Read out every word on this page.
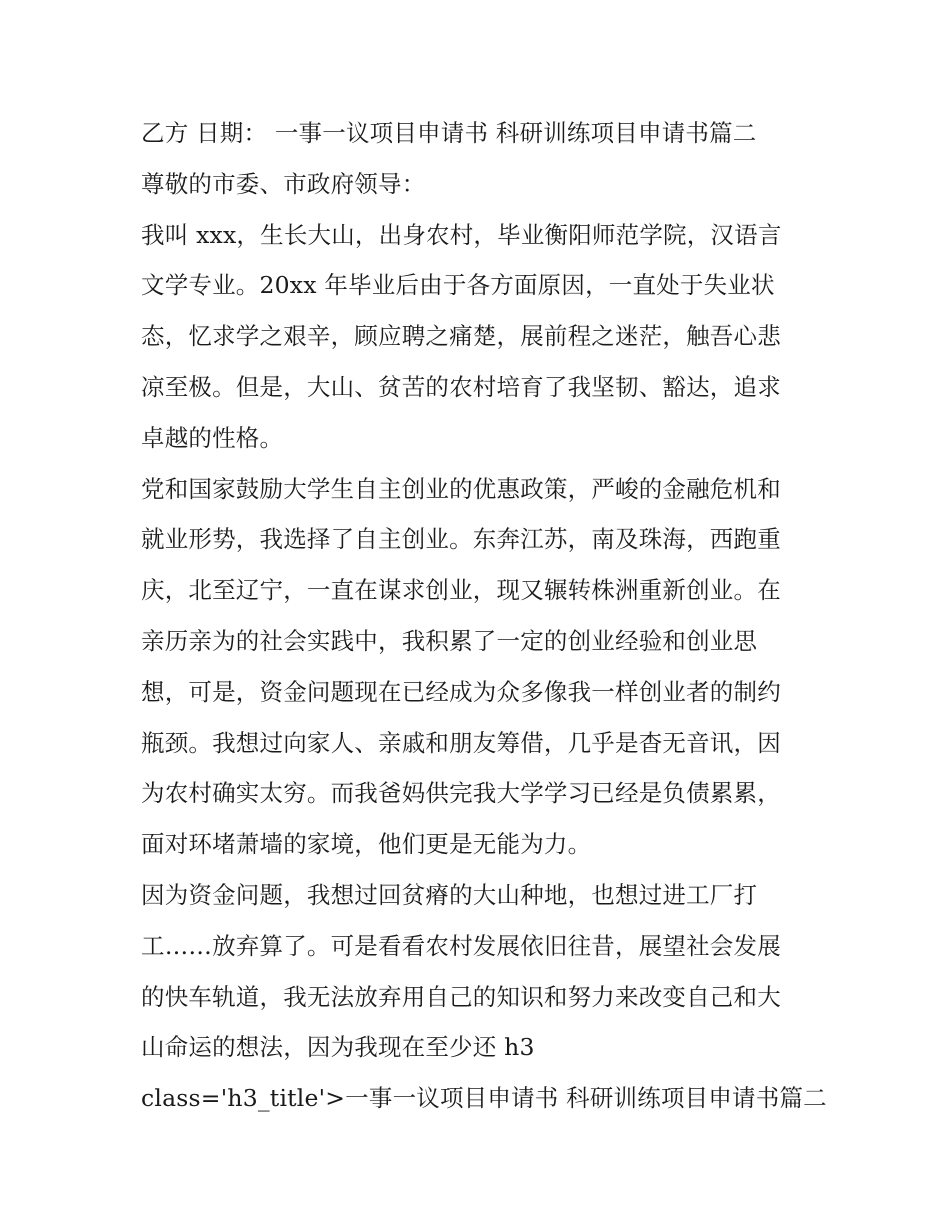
乙方 日期： 一事一议项目申请书 科研训练项目申请书篇二
尊敬的市委、市政府领导：
我叫 xxx，生长大山，出身农村，毕业衡阳师范学院，汉语言
文学专业。20xx 年毕业后由于各方面原因，一直处于失业状
态，忆求学之艰辛，顾应聘之痛楚，展前程之迷茫，触吾心悲
凉至极。但是，大山、贫苦的农村培育了我坚韧、豁达，追求
卓越的性格。
党和国家鼓励大学生自主创业的优惠政策，严峻的金融危机和
就业形势，我选择了自主创业。东奔江苏，南及珠海，西跑重
庆，北至辽宁，一直在谋求创业，现又辗转株洲重新创业。在
亲历亲为的社会实践中，我积累了一定的创业经验和创业思
想，可是，资金问题现在已经成为众多像我一样创业者的制约
瓶颈。我想过向家人、亲戚和朋友筹借，几乎是杳无音讯，因
为农村确实太穷。而我爸妈供完我大学学习已经是负债累累，
面对环堵萧墙的家境，他们更是无能为力。
因为资金问题，我想过回贫瘠的大山种地，也想过进工厂打
工……放弃算了。可是看看农村发展依旧往昔，展望社会发展
的快车轨道，我无法放弃用自己的知识和努力来改变自己和大
山命运的想法，因为我现在至少还 h3
class='h3_title'>一事一议项目申请书 科研训练项目申请书篇二
